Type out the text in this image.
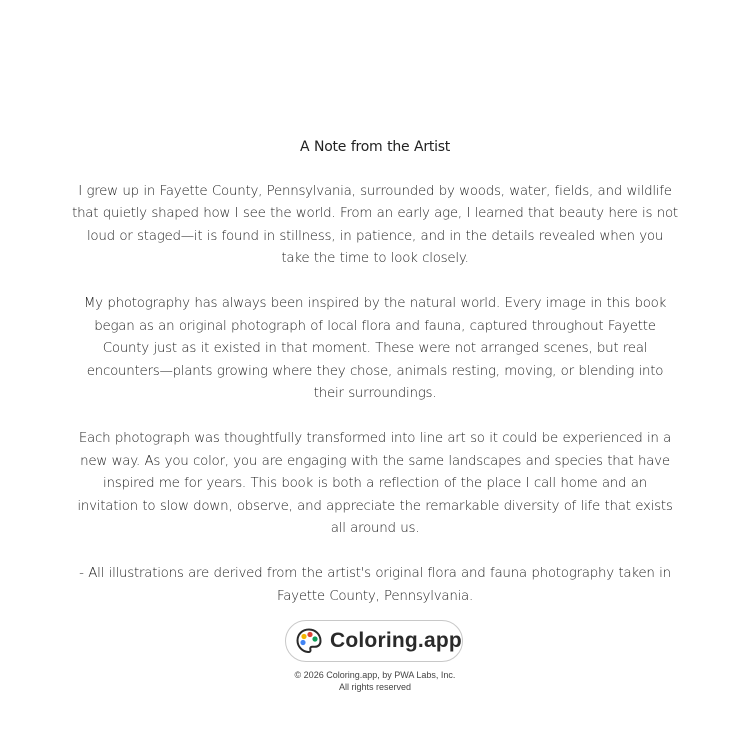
A Note from the Artist

I grew up in Fayette County, Pennsylvania, surrounded by woods, water, fields, and wildlife that quietly shaped how I see the world. From an early age, I learned that beauty here is not loud or staged—it is found in stillness, in patience, and in the details revealed when you take the time to look closely.

My photography has always been inspired by the natural world. Every image in this book began as an original photograph of local flora and fauna, captured throughout Fayette County just as it existed in that moment. These were not arranged scenes, but real encounters—plants growing where they chose, animals resting, moving, or blending into their surroundings.

Each photograph was thoughtfully transformed into line art so it could be experienced in a new way. As you color, you are engaging with the same landscapes and species that have inspired me for years. This book is both a reflection of the place I call home and an invitation to slow down, observe, and appreciate the remarkable diversity of life that exists all around us.

- All illustrations are derived from the artist's original flora and fauna photography taken in Fayette County, Pennsylvania.

Coloring.app
© 2026 Coloring.app, by PWA Labs, Inc.
All rights reserved
